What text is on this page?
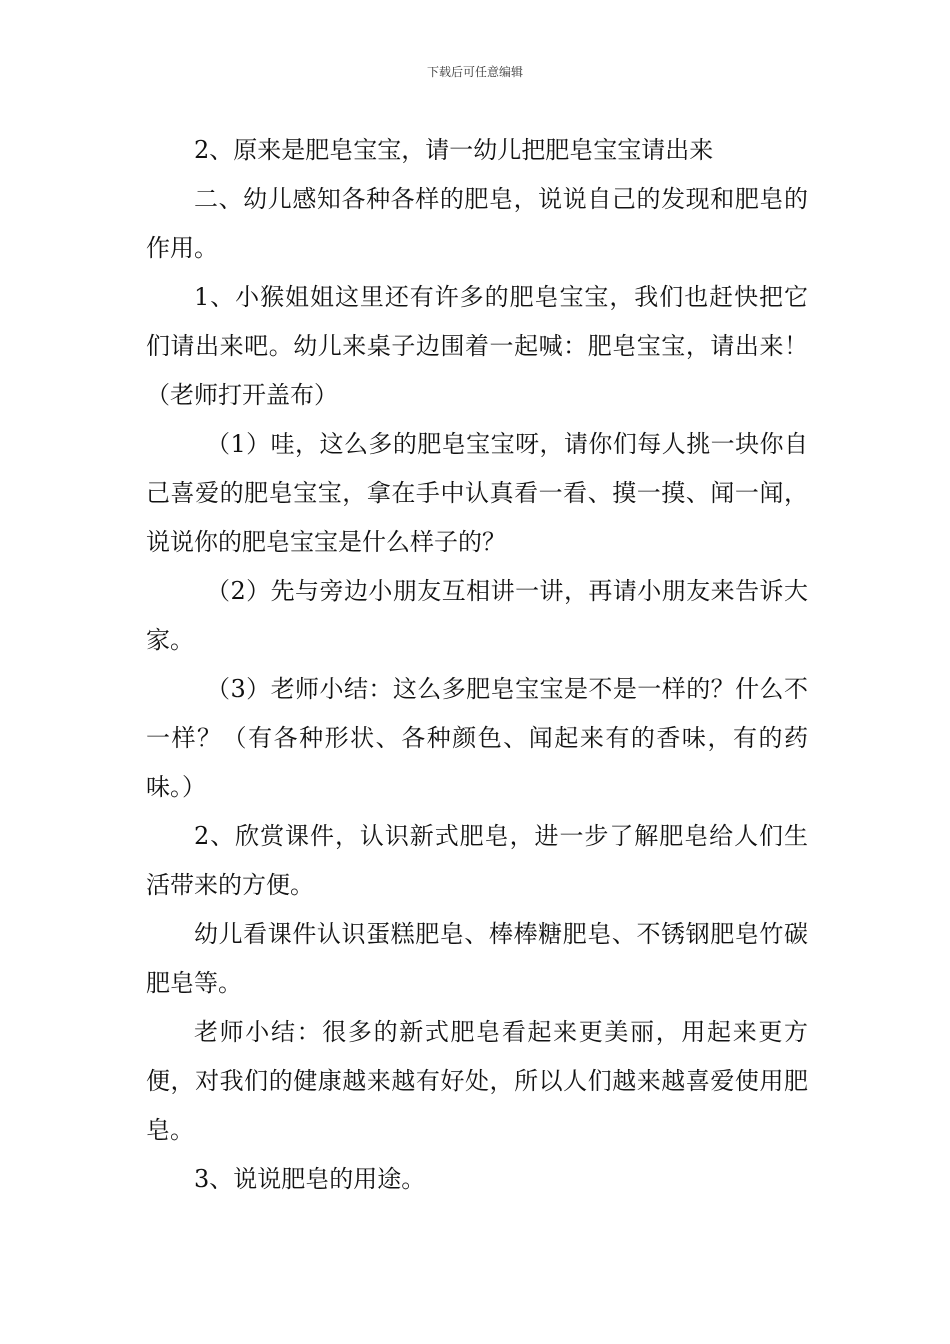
下载后可任意编辑

2、原来是肥皂宝宝，请一幼儿把肥皂宝宝请出来

二、幼儿感知各种各样的肥皂，说说自己的发现和肥皂的作用。

1、小猴姐姐这里还有许多的肥皂宝宝，我们也赶快把它们请出来吧。幼儿来桌子边围着一起喊：肥皂宝宝，请出来！（老师打开盖布）

（1）哇，这么多的肥皂宝宝呀，请你们每人挑一块你自己喜爱的肥皂宝宝，拿在手中认真看一看、摸一摸、闻一闻，说说你的肥皂宝宝是什么样子的？

（2）先与旁边小朋友互相讲一讲，再请小朋友来告诉大家。

（3）老师小结：这么多肥皂宝宝是不是一样的？什么不一样？（有各种形状、各种颜色、闻起来有的香味，有的药味。）

2、欣赏课件，认识新式肥皂，进一步了解肥皂给人们生活带来的方便。

幼儿看课件认识蛋糕肥皂、棒棒糖肥皂、不锈钢肥皂竹碳肥皂等。

老师小结：很多的新式肥皂看起来更美丽，用起来更方便，对我们的健康越来越有好处，所以人们越来越喜爱使用肥皂。

3、说说肥皂的用途。
